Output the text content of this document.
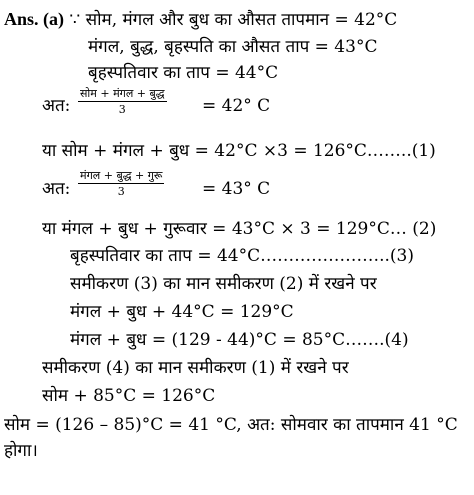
Ans. (a) ∵ सोम, मंगल और बुध का औसत तापमान = 42°C
मंगल, बुद्ध, बृहस्पति का औसत ताप = 43°C
बृहस्पतिवार का ताप = 44°C
अत:
सोम + मंगल + बुद्ध
3	= 42° C
या सोम + मंगल + बुध = 42°C ×3 = 126°C……..(1)
अत:
मंगल + बुद्ध + गुरू
3	= 43° C
या मंगल + बुध + गुरूवार = 43°C × 3 = 129°C… (2)
बृहस्पतिवार का ताप = 44°C…………………..(3)
समीकरण (3) का मान समीकरण (2) में रखने पर
मंगल + बुध + 44°C = 129°C
मंगल + बुध = (129 - 44)°C = 85°C…….(4)
समीकरण (4) का मान समीकरण (1) में रखने पर
सोम + 85°C = 126°C
सोम = (126 – 85)°C = 41 °C, अत: सोमवार का तापमान 41 °C
होगा।
